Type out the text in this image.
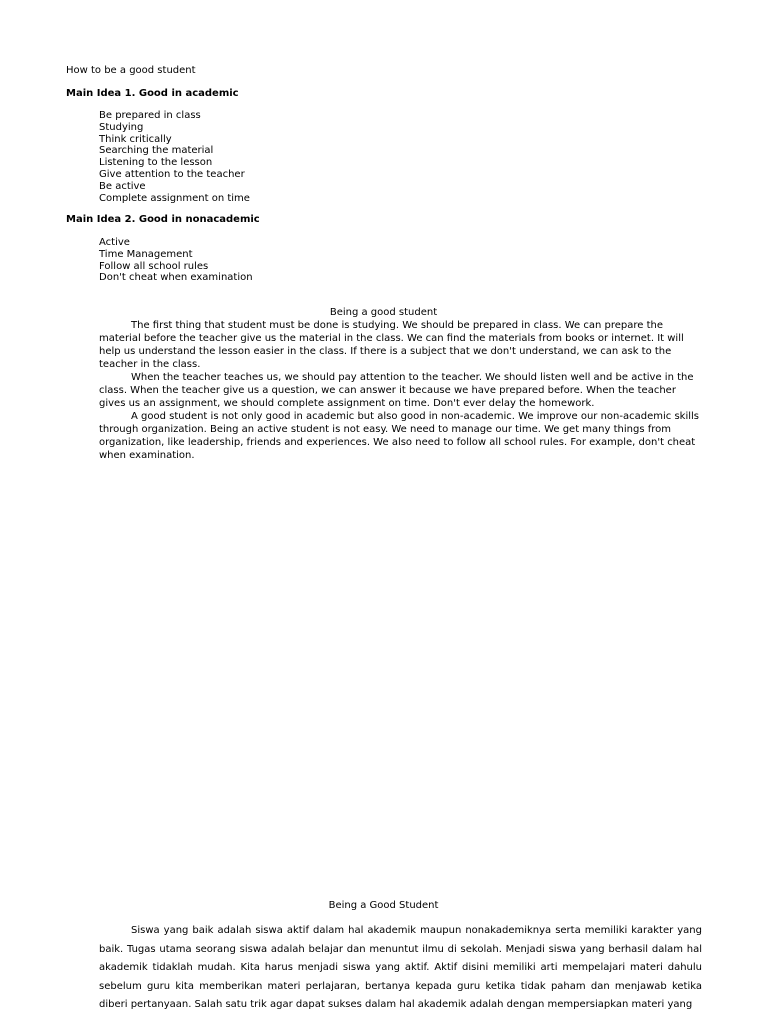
How to be a good student
Main Idea 1. Good in academic
Be prepared in class
Studying
Think critically
Searching the material
Listening to the lesson
Give attention to the teacher
Be active
Complete assignment on time
Main Idea 2. Good in nonacademic
Active
Time Management
Follow all school rules
Don't cheat when examination
Being a good student

The first thing that student must be done is studying. We should be prepared in class. We can prepare the material before the teacher give us the material in the class. We can find the materials from books or internet. It will help us understand the lesson easier in the class. If there is a subject that we don't understand, we can ask to the teacher in the class.

When the teacher teaches us, we should pay attention to the teacher. We should listen well and be active in the class. When the teacher give us a question, we can answer it because we have prepared before. When the teacher gives us an assignment, we should complete assignment on time. Don't ever delay the homework.

A good student is not only good in academic but also good in non-academic. We improve our non-academic skills through organization. Being an active student is not easy. We need to manage our time. We get many things from organization, like leadership, friends and experiences. We also need to follow all school rules. For example, don't cheat when examination.

Being a Good Student

Siswa yang baik adalah siswa aktif dalam hal akademik maupun nonakademiknya serta memiliki karakter yang baik. Tugas utama seorang siswa adalah belajar dan menuntut ilmu di sekolah. Menjadi siswa yang berhasil dalam hal akademik tidaklah mudah. Kita harus menjadi siswa yang aktif. Aktif disini memiliki arti mempelajari materi dahulu sebelum guru kita memberikan materi perlajaran, bertanya kepada guru ketika tidak paham dan menjawab ketika diberi pertanyaan. Salah satu trik agar dapat sukses dalam hal akademik adalah dengan mempersiapkan materi yang
